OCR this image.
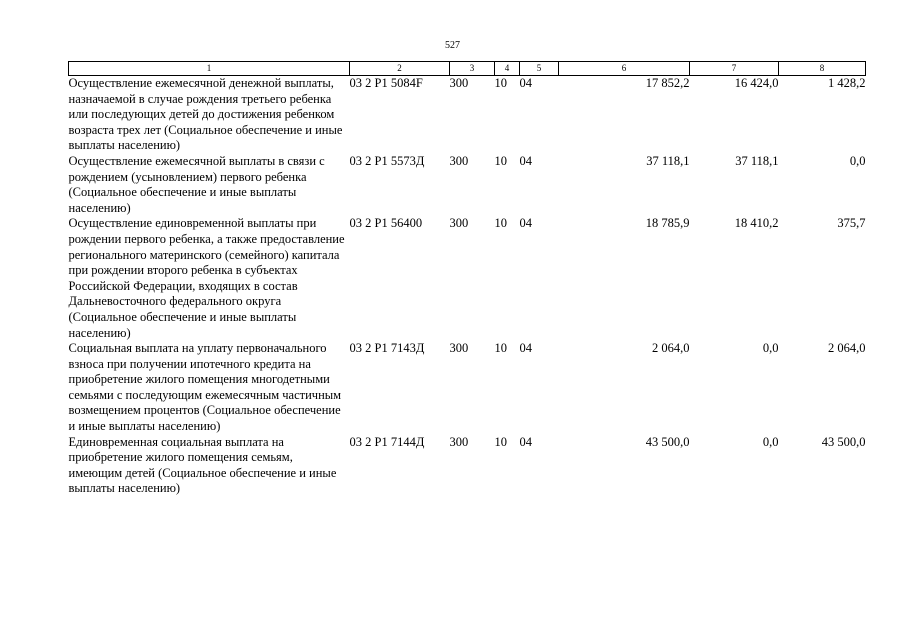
527
1	2	3	4	5	6	7	8
Осуществление ежемесячной денежной выплаты, назначаемой в случае рождения третьего ребенка или последующих детей до достижения ребенком возраста трех лет (Социальное обеспечение и иные выплаты населению)	03 2 P1 5084F	300	10	04	17 852,2	16 424,0	1 428,2
Осуществление ежемесячной выплаты в связи с рождением (усыновлением) первого ребенка (Социальное обеспечение и иные выплаты населению)	03 2 P1 5573Д	300	10	04	37 118,1	37 118,1	0,0
Осуществление единовременной выплаты при рождении первого ребенка, а также предоставление регионального материнского (семейного) капитала при рождении второго ребенка в субъектах Российской Федерации, входящих в состав Дальневосточного федерального округа (Социальное обеспечение и иные выплаты населению)	03 2 P1 56400	300	10	04	18 785,9	18 410,2	375,7
Социальная выплата на уплату первоначального взноса при получении ипотечного кредита на приобретение жилого помещения многодетными семьями с последующим ежемесячным частичным возмещением процентов (Социальное обеспечение и иные выплаты населению)	03 2 P1 7143Д	300	10	04	2 064,0	0,0	2 064,0
Единовременная социальная выплата на приобретение жилого помещения семьям, имеющим детей (Социальное обеспечение и иные выплаты населению)	03 2 P1 7144Д	300	10	04	43 500,0	0,0	43 500,0
